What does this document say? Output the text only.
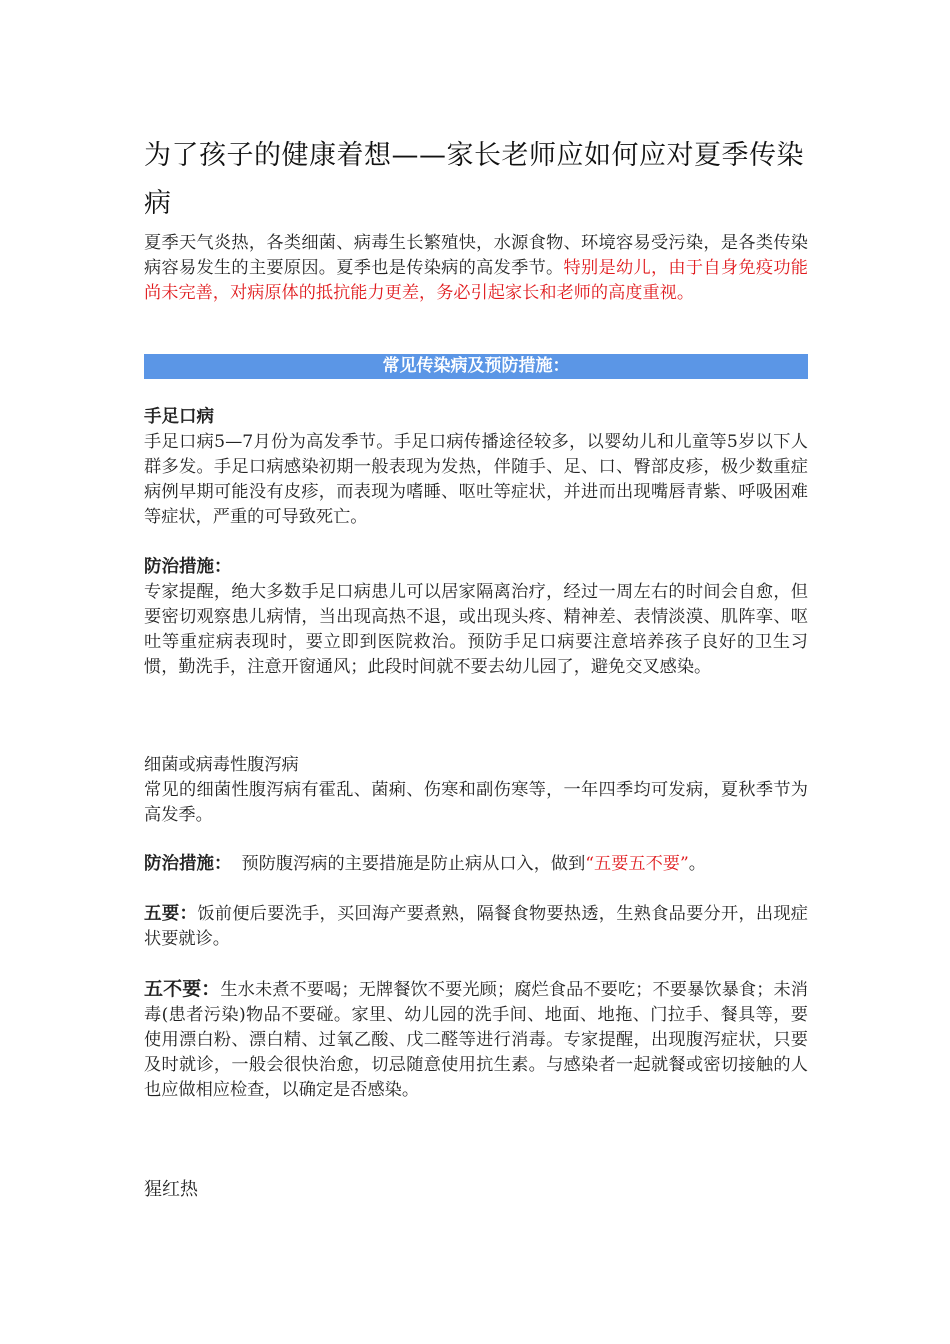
为了孩子的健康着想——家长老师应如何应对夏季传染病

夏季天气炎热，各类细菌、病毒生长繁殖快，水源食物、环境容易受污染，是各类传染病容易发生的主要原因。夏季也是传染病的高发季节。特别是幼儿，由于自身免疫功能尚未完善，对病原体的抵抗能力更差，务必引起家长和老师的高度重视。

常见传染病及预防措施：
手足口病

手足口病5—7月份为高发季节。手足口病传播途径较多，以婴幼儿和儿童等5岁以下人群多发。手足口病感染初期一般表现为发热，伴随手、足、口、臀部皮疹，极少数重症病例早期可能没有皮疹，而表现为嗜睡、呕吐等症状，并进而出现嘴唇青紫、呼吸困难等症状，严重的可导致死亡。

防治措施：

专家提醒，绝大多数手足口病患儿可以居家隔离治疗，经过一周左右的时间会自愈，但要密切观察患儿病情，当出现高热不退，或出现头疼、精神差、表情淡漠、肌阵挛、呕吐等重症病表现时，要立即到医院救治。预防手足口病要注意培养孩子良好的卫生习惯，勤洗手，注意开窗通风；此段时间就不要去幼儿园了，避免交叉感染。

细菌或病毒性腹泻病

常见的细菌性腹泻病有霍乱、菌痢、伤寒和副伤寒等，一年四季均可发病，夏秋季节为高发季。

防治措施： 预防腹泻病的主要措施是防止病从口入，做到“五要五不要”。

五要：饭前便后要洗手，买回海产要煮熟，隔餐食物要热透，生熟食品要分开，出现症状要就诊。

五不要：生水未煮不要喝；无牌餐饮不要光顾；腐烂食品不要吃；不要暴饮暴食；未消毒(患者污染)物品不要碰。家里、幼儿园的洗手间、地面、地拖、门拉手、餐具等，要使用漂白粉、漂白精、过氧乙酸、戊二醛等进行消毒。专家提醒，出现腹泻症状，只要及时就诊，一般会很快治愈，切忌随意使用抗生素。与感染者一起就餐或密切接触的人也应做相应检查，以确定是否感染。

猩红热
